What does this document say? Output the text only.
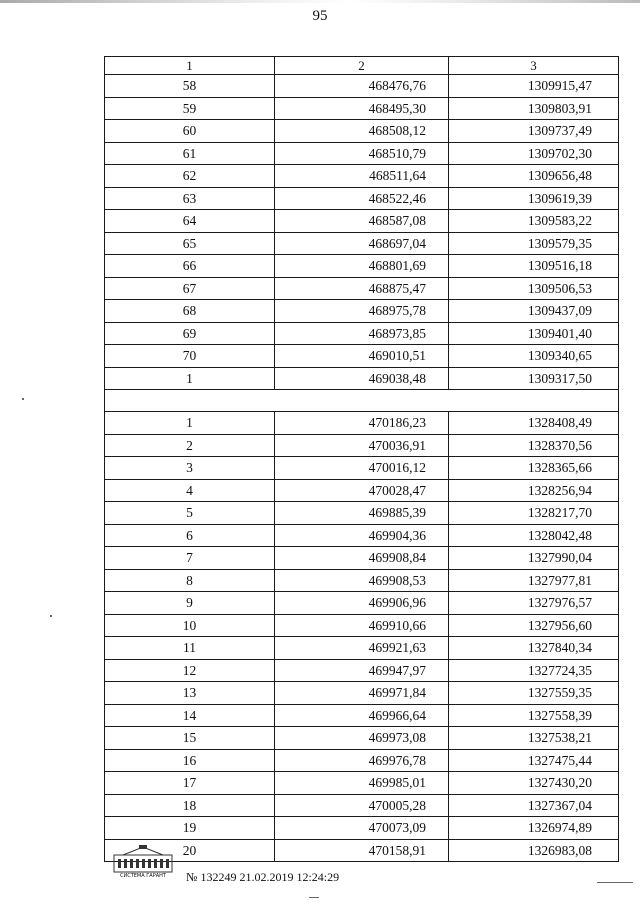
95
1	2	3
58	468476,76	1309915,47
59	468495,30	1309803,91
60	468508,12	1309737,49
61	468510,79	1309702,30
62	468511,64	1309656,48
63	468522,46	1309619,39
64	468587,08	1309583,22
65	468697,04	1309579,35
66	468801,69	1309516,18
67	468875,47	1309506,53
68	468975,78	1309437,09
69	468973,85	1309401,40
70	469010,51	1309340,65
1	469038,48	1309317,50

1	470186,23	1328408,49
2	470036,91	1328370,56
3	470016,12	1328365,66
4	470028,47	1328256,94
5	469885,39	1328217,70
6	469904,36	1328042,48
7	469908,84	1327990,04
8	469908,53	1327977,81
9	469906,96	1327976,57
10	469910,66	1327956,60
11	469921,63	1327840,34
12	469947,97	1327724,35
13	469971,84	1327559,35
14	469966,64	1327558,39
15	469973,08	1327538,21
16	469976,78	1327475,44
17	469985,01	1327430,20
18	470005,28	1327367,04
19	470073,09	1326974,89
20	470158,91	1326983,08
СИСТЕМА ГАРАНТ	№ 132249 21.02.2019 12:24:29
